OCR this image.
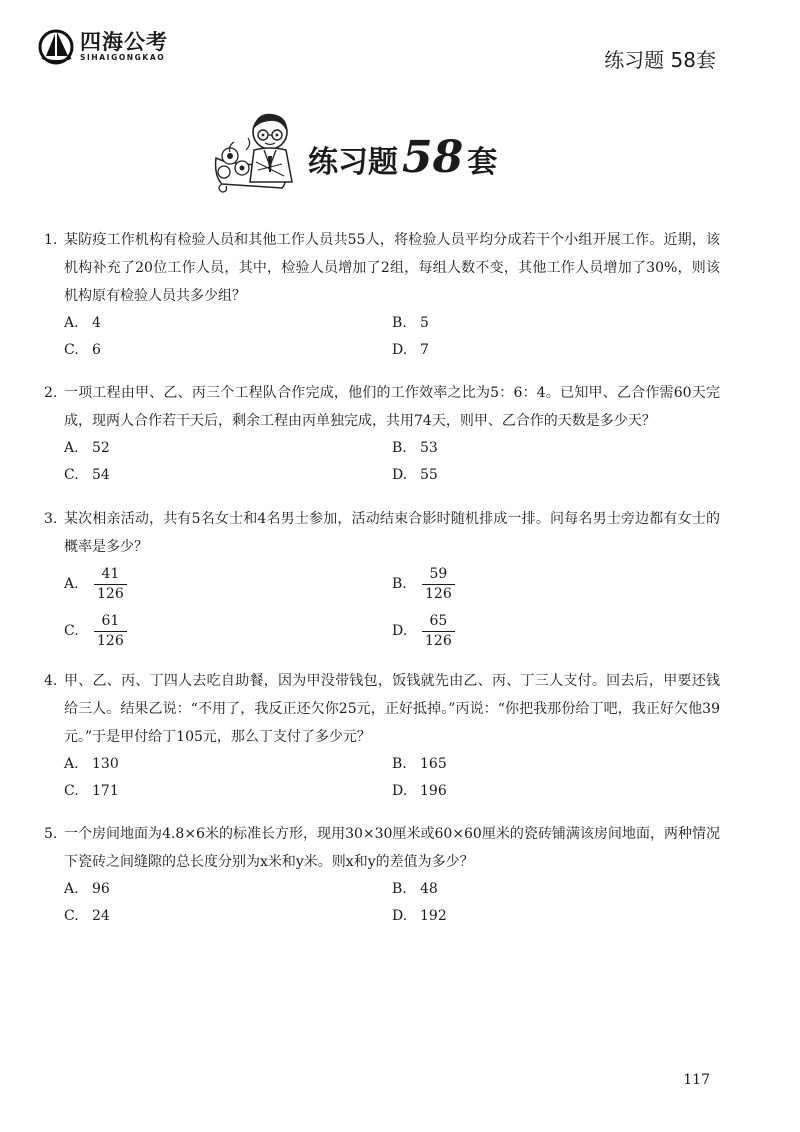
四海公考
SIHAIGONGKAO	练习题 58套
练习题58 套
1. 某防疫工作机构有检验人员和其他工作人员共55人，将检验人员平均分成若干个小组开展工作。近期，该机构补充了20位工作人员，其中，检验人员增加了2组，每组人数不变，其他工作人员增加了30%，则该机构原有检验人员共多少组？
A. 4	B. 5
C. 6	D. 7
2. 一项工程由甲、乙、丙三个工程队合作完成，他们的工作效率之比为5：6：4。已知甲、乙合作需60天完成，现两人合作若干天后，剩余工程由丙单独完成，共用74天，则甲、乙合作的天数是多少天？
A. 52	B. 53
C. 54	D. 55
3. 某次相亲活动，共有5名女士和4名男士参加，活动结束合影时随机排成一排。问每名男士旁边都有女士的概率是多少？
A.	$\frac{41}{126}$	B.	$\frac{59}{126}$
C.	$\frac{61}{126}$	D.	$\frac{65}{126}$
4. 甲、乙、丙、丁四人去吃自助餐，因为甲没带钱包，饭钱就先由乙、丙、丁三人支付。回去后，甲要还钱给三人。结果乙说：“不用了，我反正还欠你25元，正好抵掉。”丙说：“你把我那份给丁吧，我正好欠他39元。”于是甲付给丁105元，那么丁支付了多少元？
A. 130	B. 165
C. 171	D. 196
5. 一个房间地面为4.8×6米的标准长方形，现用30×30厘米或60×60厘米的瓷砖铺满该房间地面，两种情况下瓷砖之间缝隙的总长度分别为x米和y米。则x和y的差值为多少？
A. 96	B. 48
C. 24	D. 192
117
